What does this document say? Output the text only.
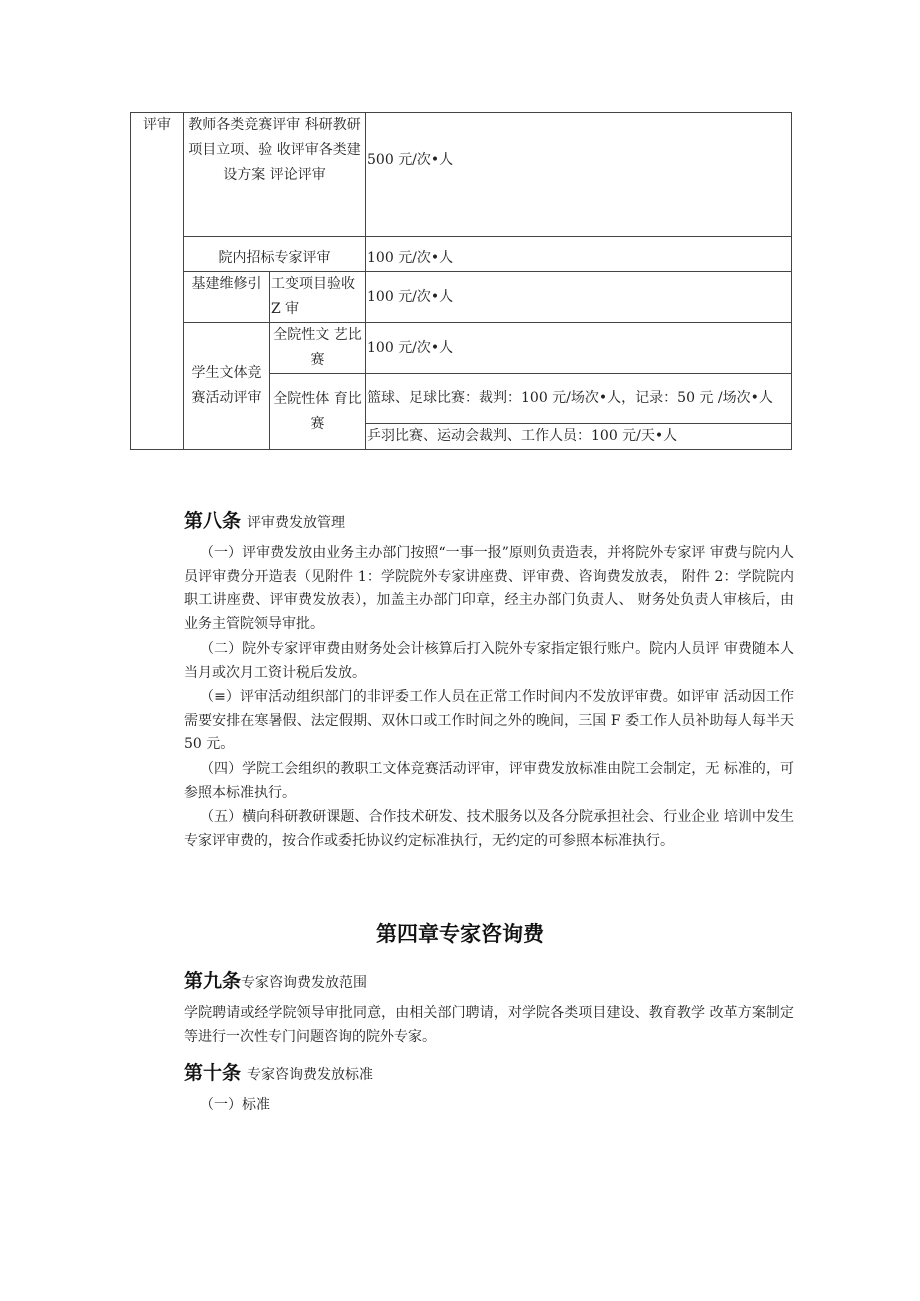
评审	教师各类竞赛评审 科研教研项目立项、验 收评审各类建设方案 评论评审		500 元/次•人
	院内招标专家评审		100 元/次•人
	基建维修引	工变项目验收Z 审	100 元/次•人
	学生文体竞赛活动评审	全院性文 艺比赛	100 元/次•人
		全院性体 育比赛	篮球、足球比赛：裁判：100 元/场次•人，记录：50 元 /场次•人
			乒羽比赛、运动会裁判、工作人员：100 元/天•人
第八条 评审费发放管理
（一）评审费发放由业务主办部门按照“一事一报”原则负责造表，并将院外专家评 审费与院内人员评审费分开造表（见附件 1：学院院外专家讲座费、评审费、咨询费发放表， 附件 2：学院院内职工讲座费、评审费发放表），加盖主办部门印章，经主办部门负责人、 财务处负责人审核后，由业务主管院领导审批。
（二）院外专家评审费由财务处会计核算后打入院外专家指定银行账户。院内人员评 审费随本人当月或次月工资计税后发放。
（≡）评审活动组织部门的非评委工作人员在正常工作时间内不发放评审费。如评审 活动因工作需要安排在寒暑假、法定假期、双休口或工作时间之外的晚间，三国 F 委工作人员补助每人每半天 50 元。
（四）学院工会组织的教职工文体竞赛活动评审，评审费发放标准由院工会制定，无 标准的，可参照本标准执行。
（五）横向科研教研课题、合作技术研发、技术服务以及各分院承担社会、行业企业 培训中发生专家评审费的，按合作或委托协议约定标准执行，无约定的可参照本标准执行。
第四章专家咨询费
第九条专家咨询费发放范围
学院聘请或经学院领导审批同意，由相关部门聘请，对学院各类项目建设、教育教学 改革方案制定等进行一次性专门问题咨询的院外专家。
第十条 专家咨询费发放标准
（一）标准
